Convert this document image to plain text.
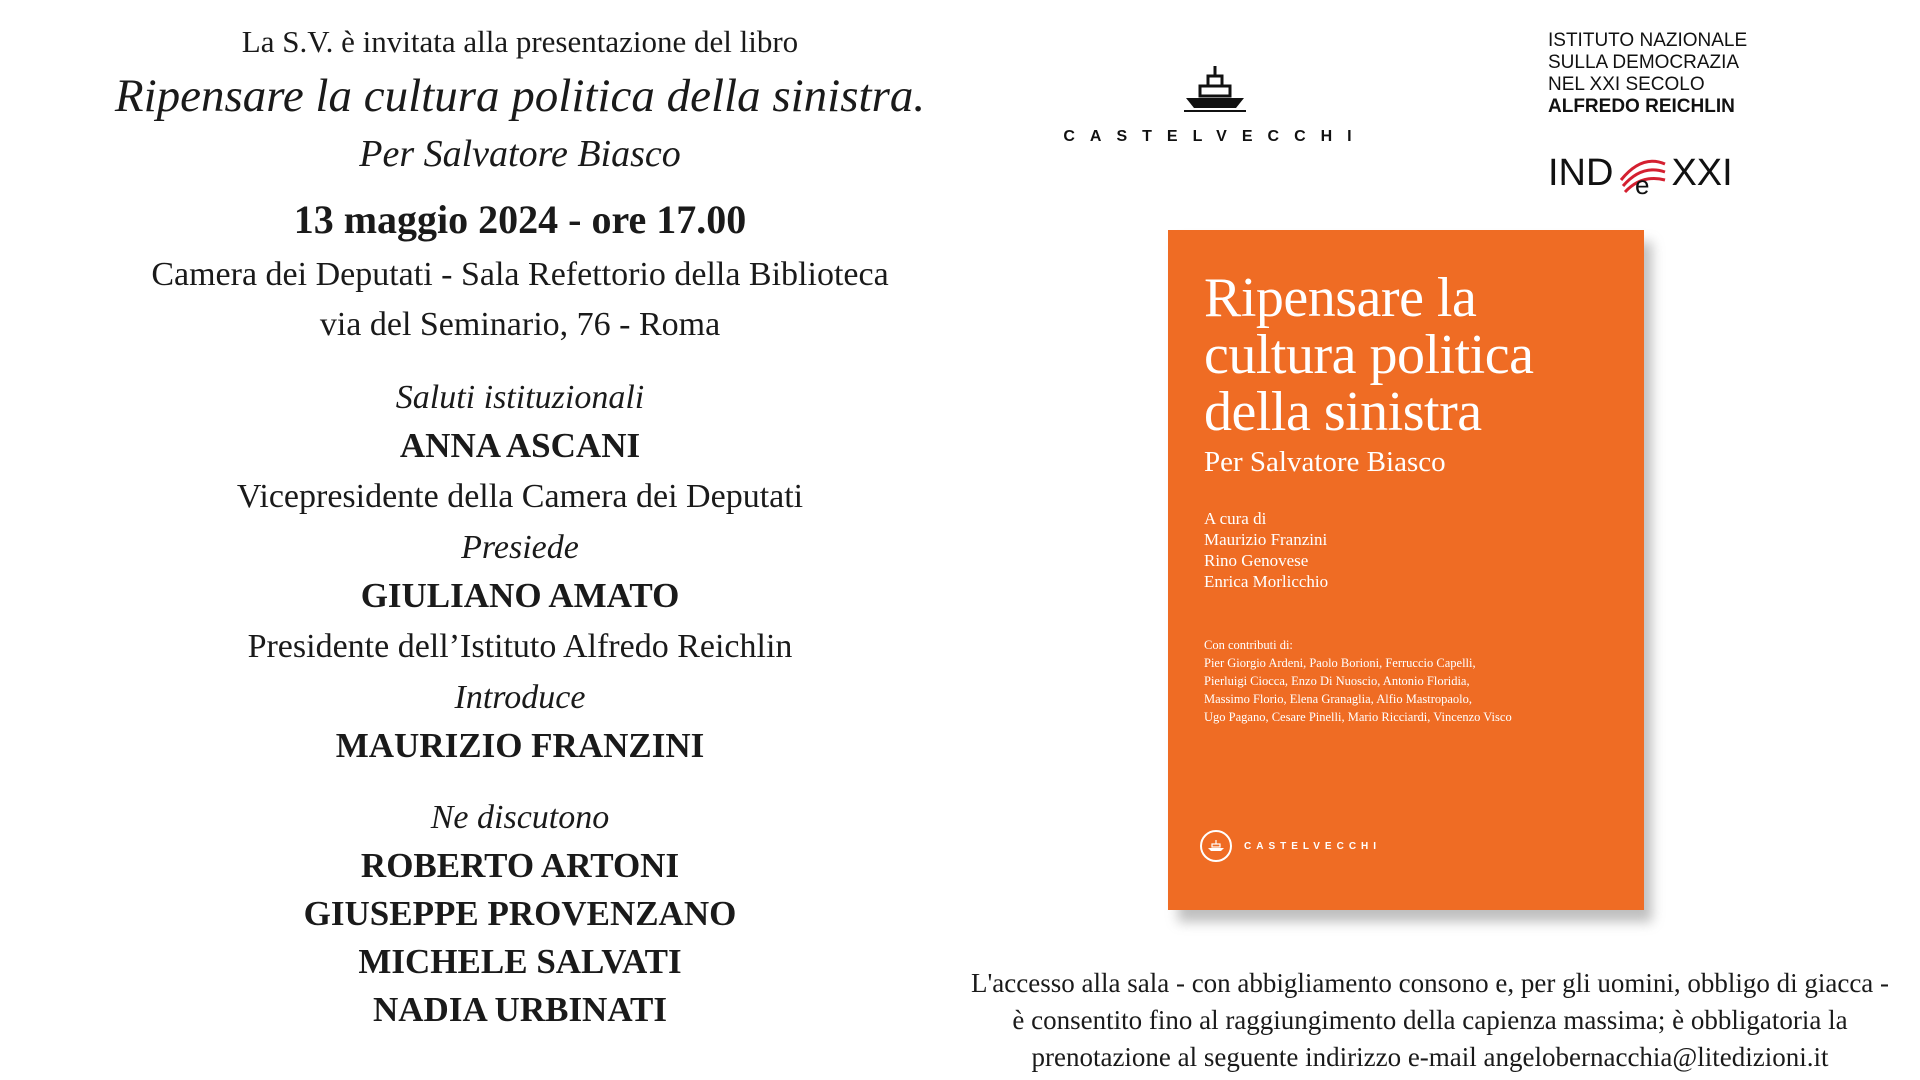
La S.V. è invitata alla presentazione del libro
Ripensare la cultura politica della sinistra.
Per Salvatore Biasco
13 maggio 2024 - ore 17.00
Camera dei Deputati - Sala Refettorio della Biblioteca
via del Seminario, 76 - Roma
Saluti istituzionali
ANNA ASCANI
Vicepresidente della Camera dei Deputati
Presiede
GIULIANO AMATO
Presidente dell’Istituto Alfredo Reichlin
Introduce
MAURIZIO FRANZINI
Ne discutono
ROBERTO ARTONI
GIUSEPPE PROVENZANO
MICHELE SALVATI
NADIA URBINATI
CASTELVECCHI
ISTITUTO NAZIONALE
SULLA DEMOCRAZIA
NEL XXI SECOLO
ALFREDO REICHLIN
IND e XXI
Ripensare la
cultura politica
della sinistra
Per Salvatore Biasco
A cura di
Maurizio Franzini
Rino Genovese
Enrica Morlicchio
Con contributi di:
Pier Giorgio Ardeni, Paolo Borioni, Ferruccio Capelli,
Pierluigi Ciocca, Enzo Di Nuoscio, Antonio Floridia,
Massimo Florio, Elena Granaglia, Alfio Mastropaolo,
Ugo Pagano, Cesare Pinelli, Mario Ricciardi, Vincenzo Visco
CASTELVECCHI
L'accesso alla sala - con abbigliamento consono e, per gli uomini, obbligo di giacca -
è consentito fino al raggiungimento della capienza massima; è obbligatoria la
prenotazione al seguente indirizzo e-mail angelobernacchia@litedizioni.it
